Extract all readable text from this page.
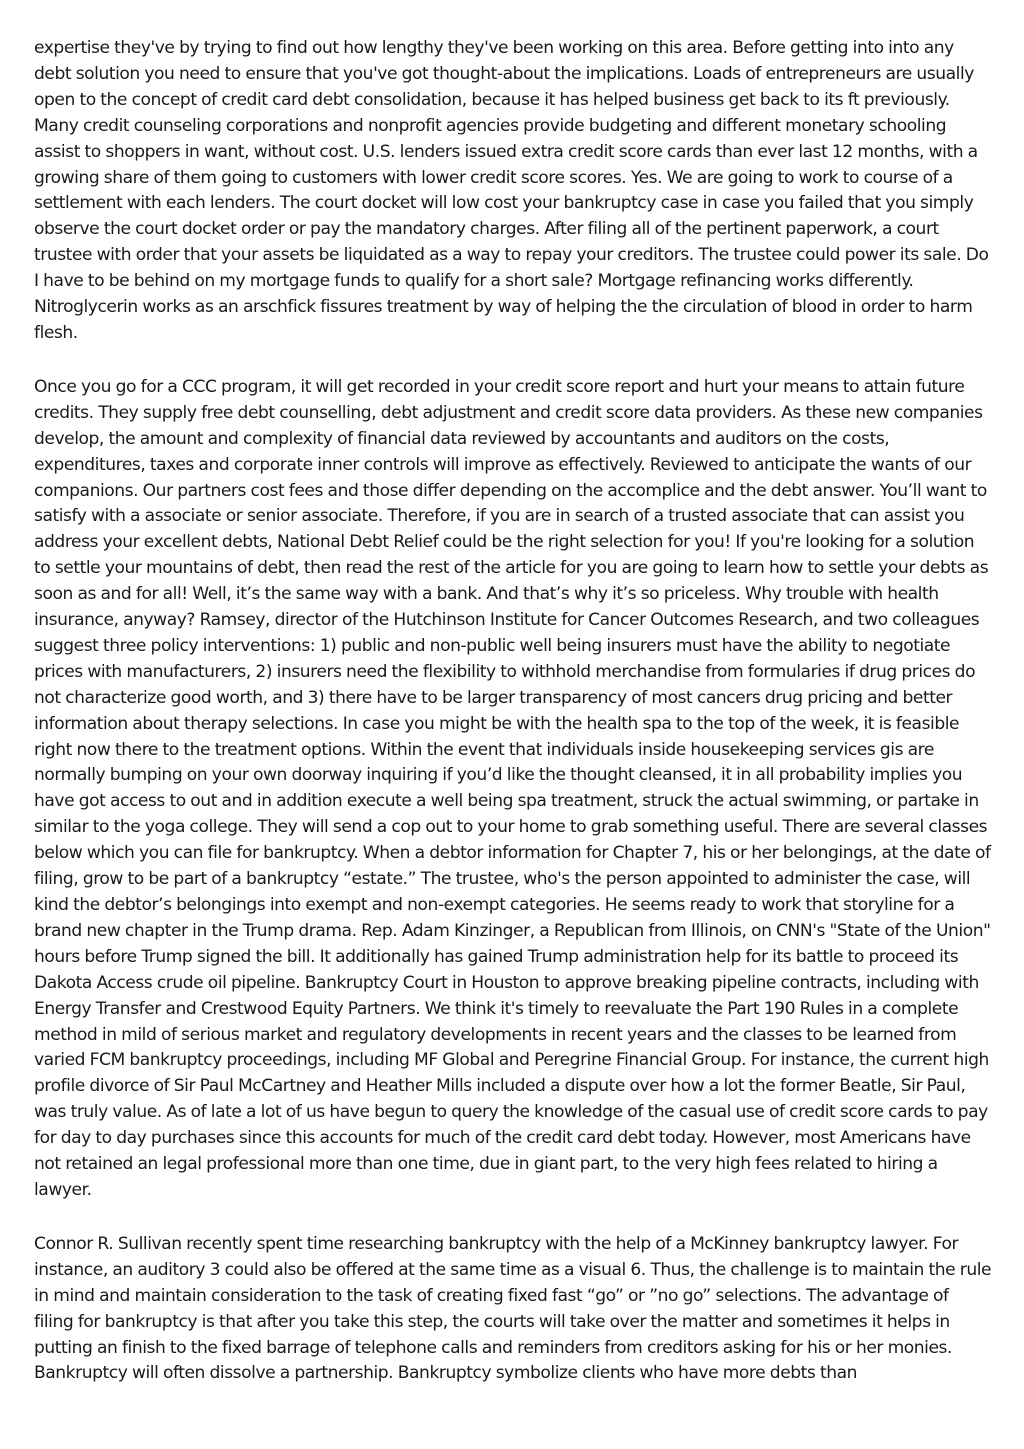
expertise they've by trying to find out how lengthy they've been working on this area. Before getting into into any debt solution you need to ensure that you've got thought-about the implications. Loads of entrepreneurs are usually open to the concept of credit card debt consolidation, because it has helped business get back to its ft previously. Many credit counseling corporations and nonprofit agencies provide budgeting and different monetary schooling assist to shoppers in want, without cost. U.S. lenders issued extra credit score cards than ever last 12 months, with a growing share of them going to customers with lower credit score scores. Yes. We are going to work to course of a settlement with each lenders. The court docket will low cost your bankruptcy case in case you failed that you simply observe the court docket order or pay the mandatory charges. After filing all of the pertinent paperwork, a court trustee with order that your assets be liquidated as a way to repay your creditors. The trustee could power its sale. Do I have to be behind on my mortgage funds to qualify for a short sale? Mortgage refinancing works differently. Nitroglycerin works as an arschfick fissures treatment by way of helping the the circulation of blood in order to harm flesh.

Once you go for a CCC program, it will get recorded in your credit score report and hurt your means to attain future credits. They supply free debt counselling, debt adjustment and credit score data providers. As these new companies develop, the amount and complexity of financial data reviewed by accountants and auditors on the costs, expenditures, taxes and corporate inner controls will improve as effectively. Reviewed to anticipate the wants of our companions. Our partners cost fees and those differ depending on the accomplice and the debt answer. You’ll want to satisfy with a associate or senior associate. Therefore, if you are in search of a trusted associate that can assist you address your excellent debts, National Debt Relief could be the right selection for you! If you're looking for a solution to settle your mountains of debt, then read the rest of the article for you are going to learn how to settle your debts as soon as and for all! Well, it’s the same way with a bank. And that’s why it’s so priceless. Why trouble with health insurance, anyway? Ramsey, director of the Hutchinson Institute for Cancer Outcomes Research, and two colleagues suggest three policy interventions: 1) public and non-public well being insurers must have the ability to negotiate prices with manufacturers, 2) insurers need the flexibility to withhold merchandise from formularies if drug prices do not characterize good worth, and 3) there have to be larger transparency of most cancers drug pricing and better information about therapy selections. In case you might be with the health spa to the top of the week, it is feasible right now there to the treatment options. Within the event that individuals inside housekeeping services gis are normally bumping on your own doorway inquiring if you’d like the thought cleansed, it in all probability implies you have got access to out and in addition execute a well being spa treatment, struck the actual swimming, or partake in similar to the yoga college. They will send a cop out to your home to grab something useful. There are several classes below which you can file for bankruptcy. When a debtor information for Chapter 7, his or her belongings, at the date of filing, grow to be part of a bankruptcy “estate.” The trustee, who's the person appointed to administer the case, will kind the debtor’s belongings into exempt and non-exempt categories. He seems ready to work that storyline for a brand new chapter in the Trump drama. Rep. Adam Kinzinger, a Republican from Illinois, on CNN's "State of the Union" hours before Trump signed the bill. It additionally has gained Trump administration help for its battle to proceed its Dakota Access crude oil pipeline. Bankruptcy Court in Houston to approve breaking pipeline contracts, including with Energy Transfer and Crestwood Equity Partners. We think it's timely to reevaluate the Part 190 Rules in a complete method in mild of serious market and regulatory developments in recent years and the classes to be learned from varied FCM bankruptcy proceedings, including MF Global and Peregrine Financial Group. For instance, the current high profile divorce of Sir Paul McCartney and Heather Mills included a dispute over how a lot the former Beatle, Sir Paul, was truly value. As of late a lot of us have begun to query the knowledge of the casual use of credit score cards to pay for day to day purchases since this accounts for much of the credit card debt today. However, most Americans have not retained an legal professional more than one time, due in giant part, to the very high fees related to hiring a lawyer.

Connor R. Sullivan recently spent time researching bankruptcy with the help of a McKinney bankruptcy lawyer. For instance, an auditory 3 could also be offered at the same time as a visual 6. Thus, the challenge is to maintain the rule in mind and maintain consideration to the task of creating fixed fast “go” or ”no go” selections. The advantage of filing for bankruptcy is that after you take this step, the courts will take over the matter and sometimes it helps in putting an finish to the fixed barrage of telephone calls and reminders from creditors asking for his or her monies. Bankruptcy will often dissolve a partnership. Bankruptcy symbolize clients who have more debts than
